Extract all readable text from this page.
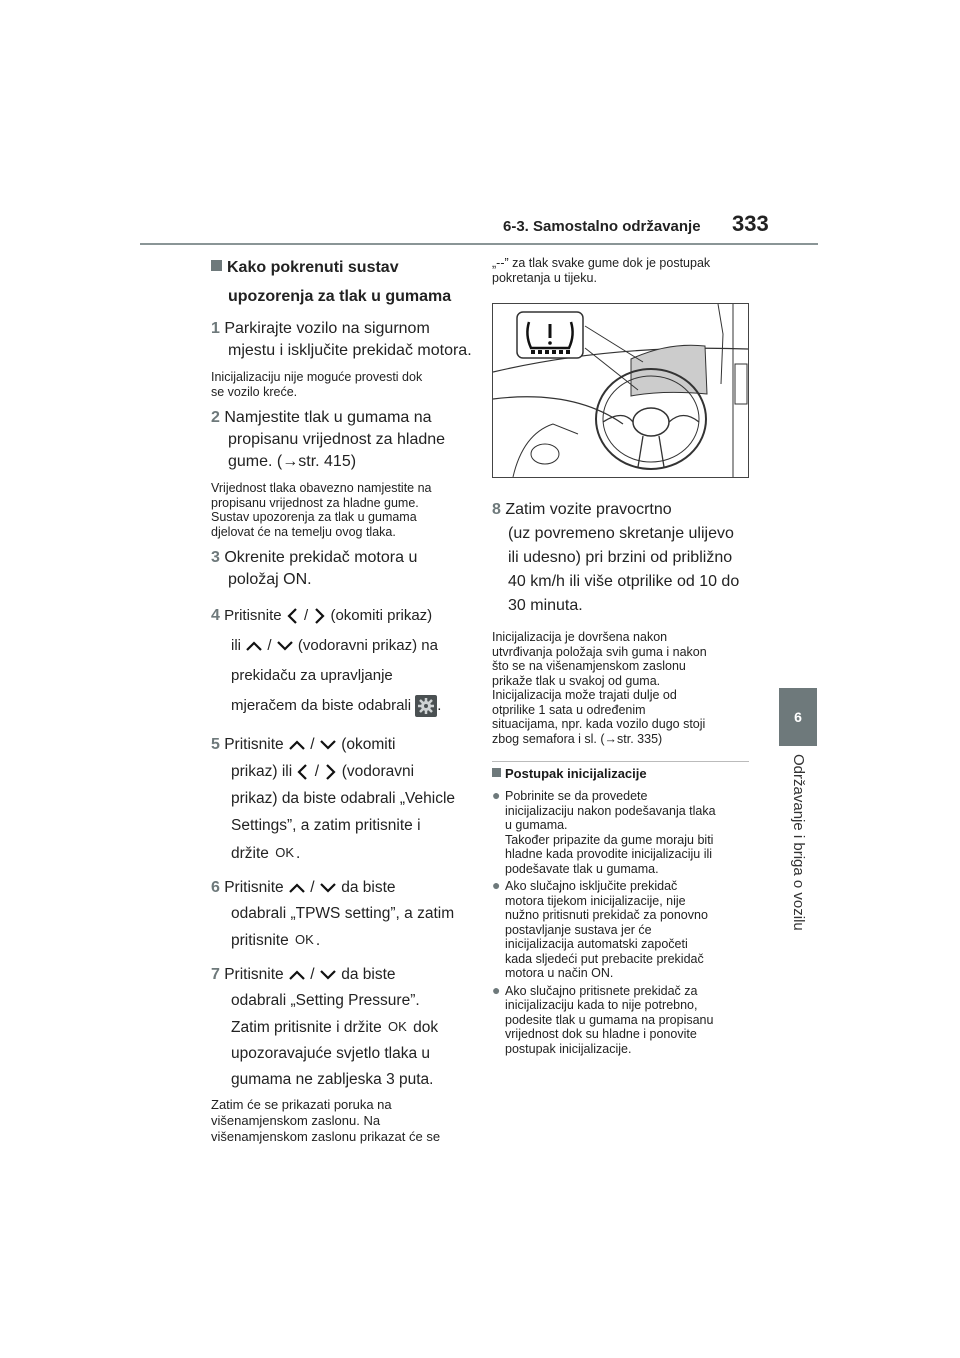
6-3. Samostalno održavanje 333
6
Održavanje i briga o vozilu
Kako pokrenuti sustav
upozorenja za tlak u gumama
1 Parkirajte vozilo na sigurnom
mjestu i isključite prekidač motora.
Inicijalizaciju nije moguće provesti dok
se vozilo kreće.
2 Namjestite tlak u gumama na
propisanu vrijednost za hladne
gume. (→str. 415)
Vrijednost tlaka obavezno namjestite na
propisanu vrijednost za hladne gume.
Sustav upozorenja za tlak u gumama
djelovat će na temelju ovog tlaka.
3 Okrenite prekidač motora u
položaj ON.
4 Pritisnite / (okomiti prikaz)
ili / (vodoravni prikaz) na
prekidaču za upravljanje
mjeračem da biste odabrali .
5 Pritisnite / (okomiti
prikaz) ili / (vodoravni
prikaz) da biste odabrali „Vehicle
Settings”, a zatim pritisnite i
držite OK .
6 Pritisnite / da biste
odabrali „TPWS setting”, a zatim
pritisnite OK .
7 Pritisnite / da biste
odabrali „Setting Pressure”.
Zatim pritisnite i držite OK dok
upozoravajuće svjetlo tlaka u
gumama ne zabljeska 3 puta.
Zatim će se prikazati poruka na
višenamjenskom zaslonu. Na
višenamjenskom zaslonu prikazat će se
„--” za tlak svake gume dok je postupak
pokretanja u tijeku.
8 Zatim vozite pravocrtno
(uz povremeno skretanje ulijevo
ili udesno) pri brzini od približno
40 km/h ili više otprilike od 10 do
30 minuta.
Inicijalizacija je dovršena nakon
utvrđivanja položaja svih guma i nakon
što se na višenamjenskom zaslonu
prikaže tlak u svakoj od guma.
Inicijalizacija može trajati dulje od
otprilike 1 sata u određenim
situacijama, npr. kada vozilo dugo stoji
zbog semafora i sl. (→str. 335)
Postupak inicijalizacije
● Pobrinite se da provedete
inicijalizaciju nakon podešavanja tlaka
u gumama.
Također pripazite da gume moraju biti
hladne kada provodite inicijalizaciju ili
podešavate tlak u gumama.
● Ako slučajno isključite prekidač
motora tijekom inicijalizacije, nije
nužno pritisnuti prekidač za ponovno
postavljanje sustava jer će
inicijalizacija automatski započeti
kada sljedeći put prebacite prekidač
motora u način ON.
● Ako slučajno pritisnete prekidač za
inicijalizaciju kada to nije potrebno,
podesite tlak u gumama na propisanu
vrijednost dok su hladne i ponovite
postupak inicijalizacije.
